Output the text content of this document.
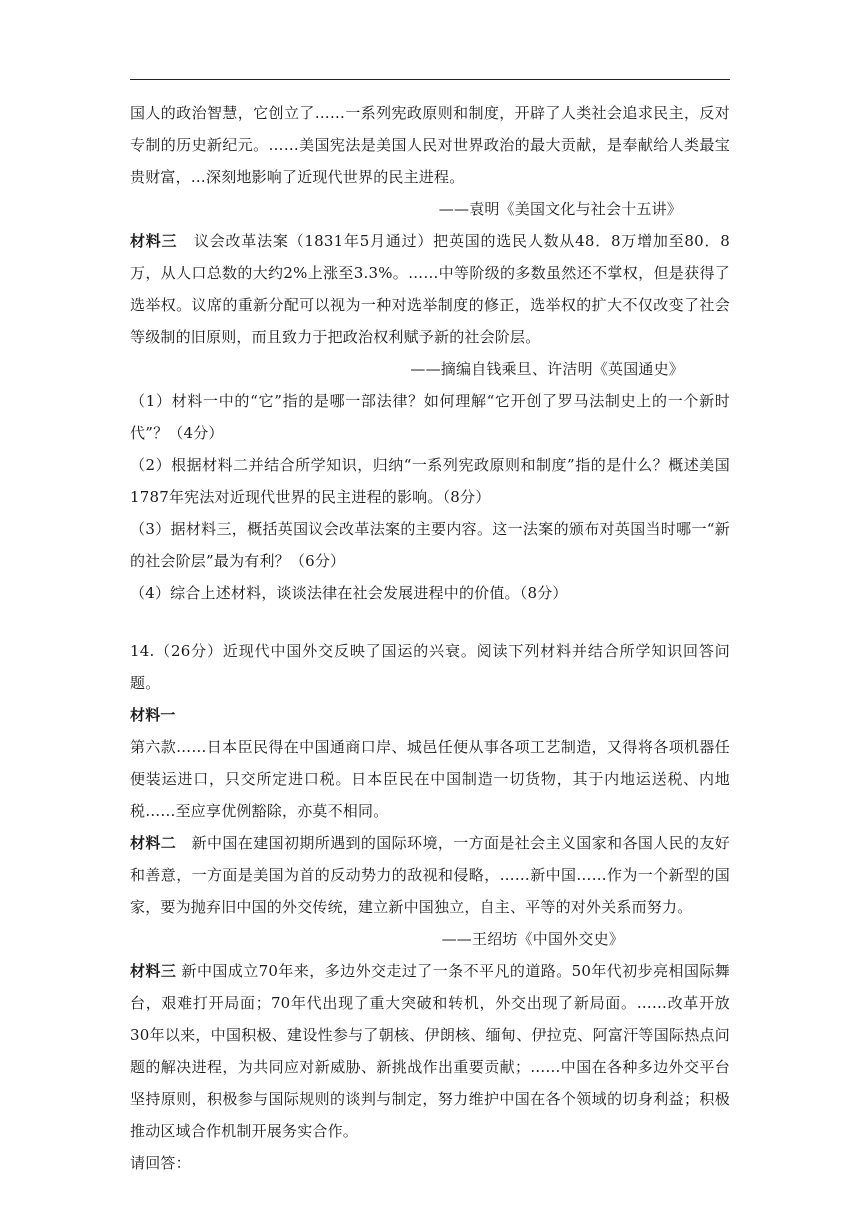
国人的政治智慧，它创立了……一系列宪政原则和制度，开辟了人类社会追求民主，反对专制的历史新纪元。……美国宪法是美国人民对世界政治的最大贡献，是奉献给人类最宝贵财富，…深刻地影响了近现代世界的民主进程。

——袁明《美国文化与社会十五讲》

材料三 议会改革法案（1831年5月通过）把英国的选民人数从48．8万增加至80．8万，从人口总数的大约2%上涨至3.3%。……中等阶级的多数虽然还不掌权，但是获得了选举权。议席的重新分配可以视为一种对选举制度的修正，选举权的扩大不仅改变了社会等级制的旧原则，而且致力于把政治权利赋予新的社会阶层。

——摘编自钱乘旦、许洁明《英国通史》

（1）材料一中的“它”指的是哪一部法律？如何理解“它开创了罗马法制史上的一个新时代”？（4分）

（2）根据材料二并结合所学知识，归纳“一系列宪政原则和制度”指的是什么？概述美国1787年宪法对近现代世界的民主进程的影响。（8分）

（3）据材料三，概括英国议会改革法案的主要内容。这一法案的颁布对英国当时哪一“新的社会阶层”最为有利？（6分）

（4）综合上述材料，谈谈法律在社会发展进程中的价值。（8分）

14.（26分）近现代中国外交反映了国运的兴衰。阅读下列材料并结合所学知识回答问题。

材料一

第六款……日本臣民得在中国通商口岸、城邑任便从事各项工艺制造，又得将各项机器任便装运进口，只交所定进口税。日本臣民在中国制造一切货物，其于内地运送税、内地税……至应享优例豁除，亦莫不相同。

材料二 新中国在建国初期所遇到的国际环境，一方面是社会主义国家和各国人民的友好和善意，一方面是美国为首的反动势力的敌视和侵略，……新中国……作为一个新型的国家，要为抛弃旧中国的外交传统，建立新中国独立，自主、平等的对外关系而努力。

——王绍坊《中国外交史》

材料三 新中国成立70年来，多边外交走过了一条不平凡的道路。50年代初步亮相国际舞台，艰难打开局面；70年代出现了重大突破和转机，外交出现了新局面。……改革开放30年以来，中国积极、建设性参与了朝核、伊朗核、缅甸、伊拉克、阿富汗等国际热点问题的解决进程，为共同应对新威胁、新挑战作出重要贡献；……中国在各种多边外交平台坚持原则，积极参与国际规则的谈判与制定，努力维护中国在各个领域的切身利益；积极推动区域合作机制开展务实合作。

请回答：
